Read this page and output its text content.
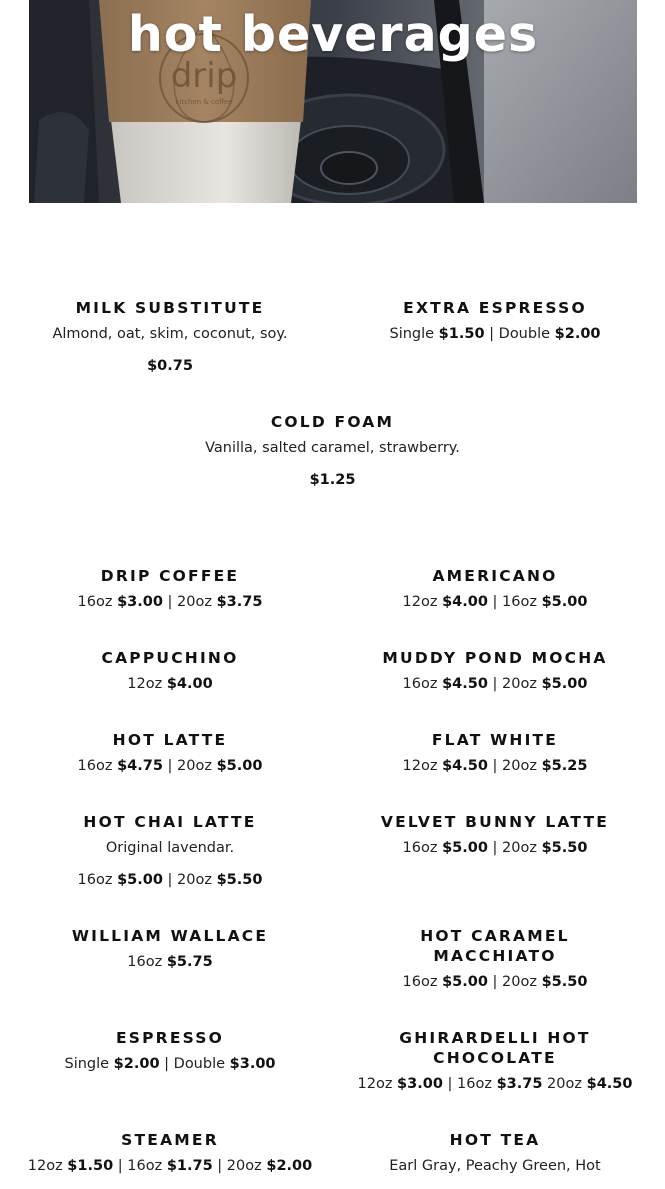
drip
kitchen & coffee
hot beverages
MILK SUBSTITUTE
Almond, oat, skim, coconut, soy.
$0.75
EXTRA ESPRESSO
Single $1.50 | Double $2.00
COLD FOAM
Vanilla, salted caramel, strawberry.
$1.25
DRIP COFFEE
16oz $3.00 | 20oz $3.75
AMERICANO
12oz $4.00 | 16oz $5.00
CAPPUCHINO
12oz $4.00
MUDDY POND MOCHA
16oz $4.50 | 20oz $5.00
HOT LATTE
16oz $4.75 | 20oz $5.00
FLAT WHITE
12oz $4.50 | 20oz $5.25
HOT CHAI LATTE
Original lavendar.
16oz $5.00 | 20oz $5.50
VELVET BUNNY LATTE
16oz $5.00 | 20oz $5.50
WILLIAM WALLACE
16oz $5.75
HOT CARAMEL
MACCHIATO
16oz $5.00 | 20oz $5.50
ESPRESSO
Single $2.00 | Double $3.00
GHIRARDELLI HOT
CHOCOLATE
12oz $3.00 | 16oz $3.75 20oz $4.50
STEAMER
12oz $1.50 | 16oz $1.75 | 20oz $2.00
HOT TEA
Earl Gray, Peachy Green, Hot
